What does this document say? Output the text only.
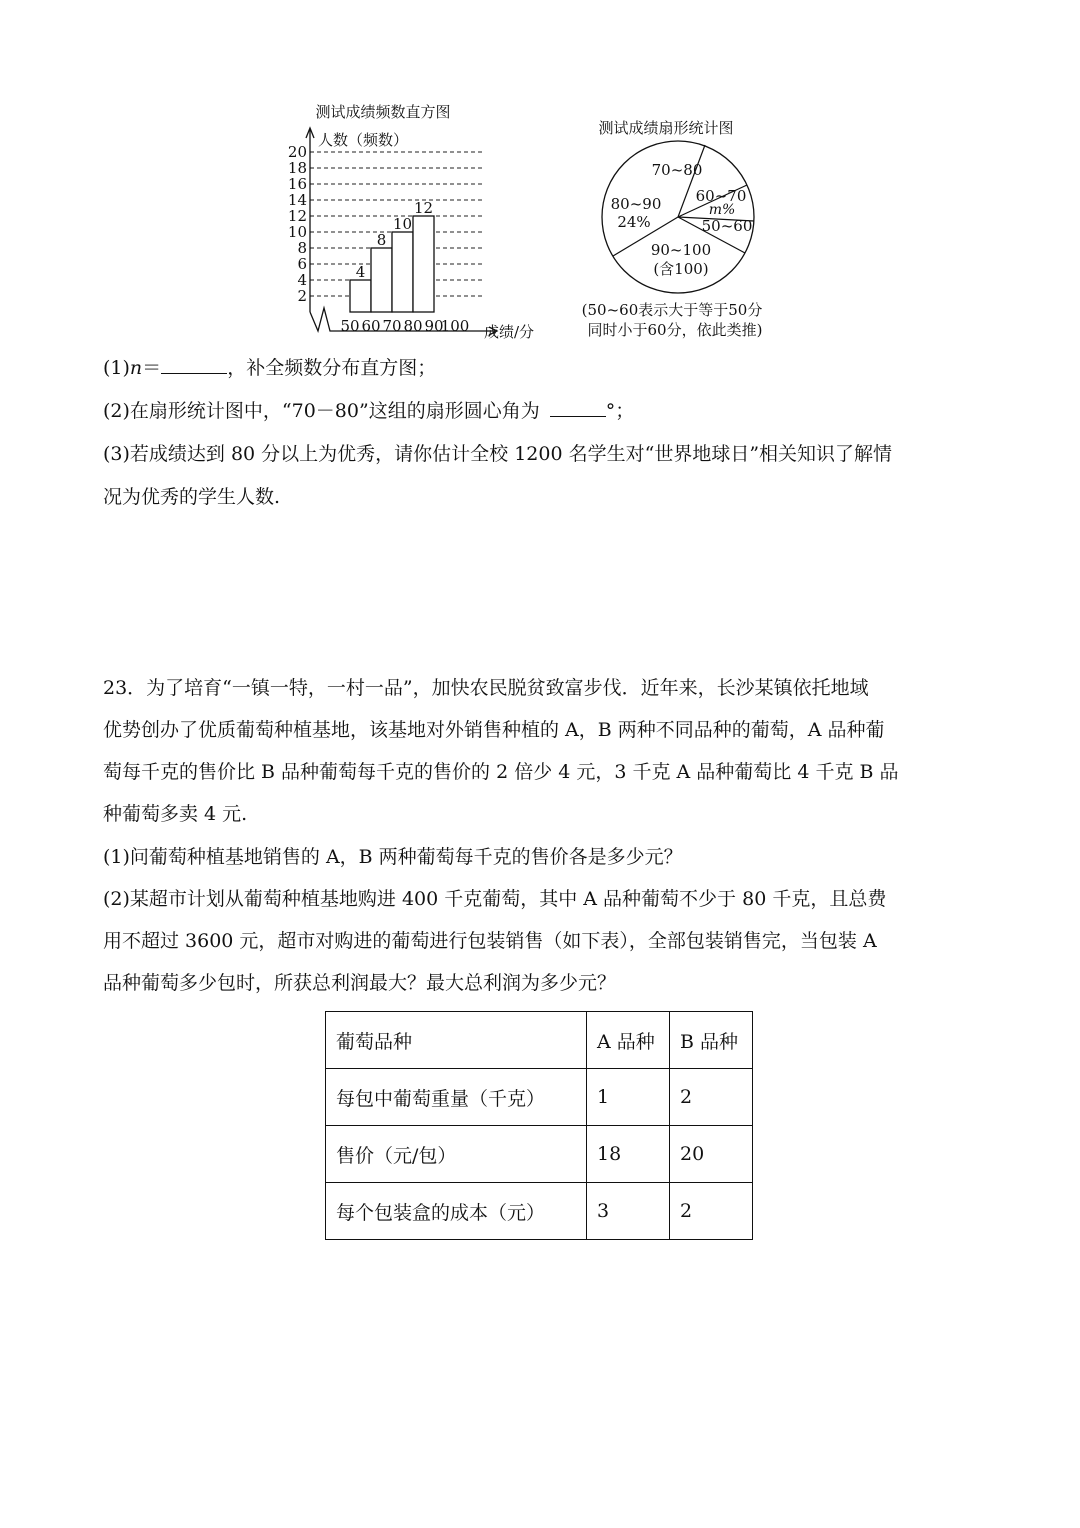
测试成绩频数直方图
人数（频数）
2
4
6
8
10
12
14
16
18
20
4
8
10
12
50 60 70 80 90
100 成绩/分
测试成绩扇形统计图
70~80
60~70
m%
50~60
90~100
(含100)
80~90
24%
(50~60表示大于等于50分
同时小于60分，依此类推)
(1)n＝	，补全频数分布直方图；
(2)在扇形统计图中，“70－80”这组的扇形圆心角为	°；
(3)若成绩达到 80 分以上为优秀，请你估计全校 1200 名学生对“世界地球日”相关知识了解情
况为优秀的学生人数.
23．为了培育“一镇一特，一村一品”，加快农民脱贫致富步伐．近年来，长沙某镇依托地域
优势创办了优质葡萄种植基地，该基地对外销售种植的 A，B 两种不同品种的葡萄，A 品种葡
萄每千克的售价比 B 品种葡萄每千克的售价的 2 倍少 4 元，3 千克 A 品种葡萄比 4 千克 B 品
种葡萄多卖 4 元.
(1)问葡萄种植基地销售的 A，B 两种葡萄每千克的售价各是多少元？
(2)某超市计划从葡萄种植基地购进 400 千克葡萄，其中 A 品种葡萄不少于 80 千克，且总费
用不超过 3600 元，超市对购进的葡萄进行包装销售（如下表），全部包装销售完，当包装 A
品种葡萄多少包时，所获总利润最大？最大总利润为多少元？
葡萄品种	A 品种	B 品种
每包中葡萄重量（千克）	1	2
售价（元/包）	18	20
每个包装盒的成本（元）	3	2
